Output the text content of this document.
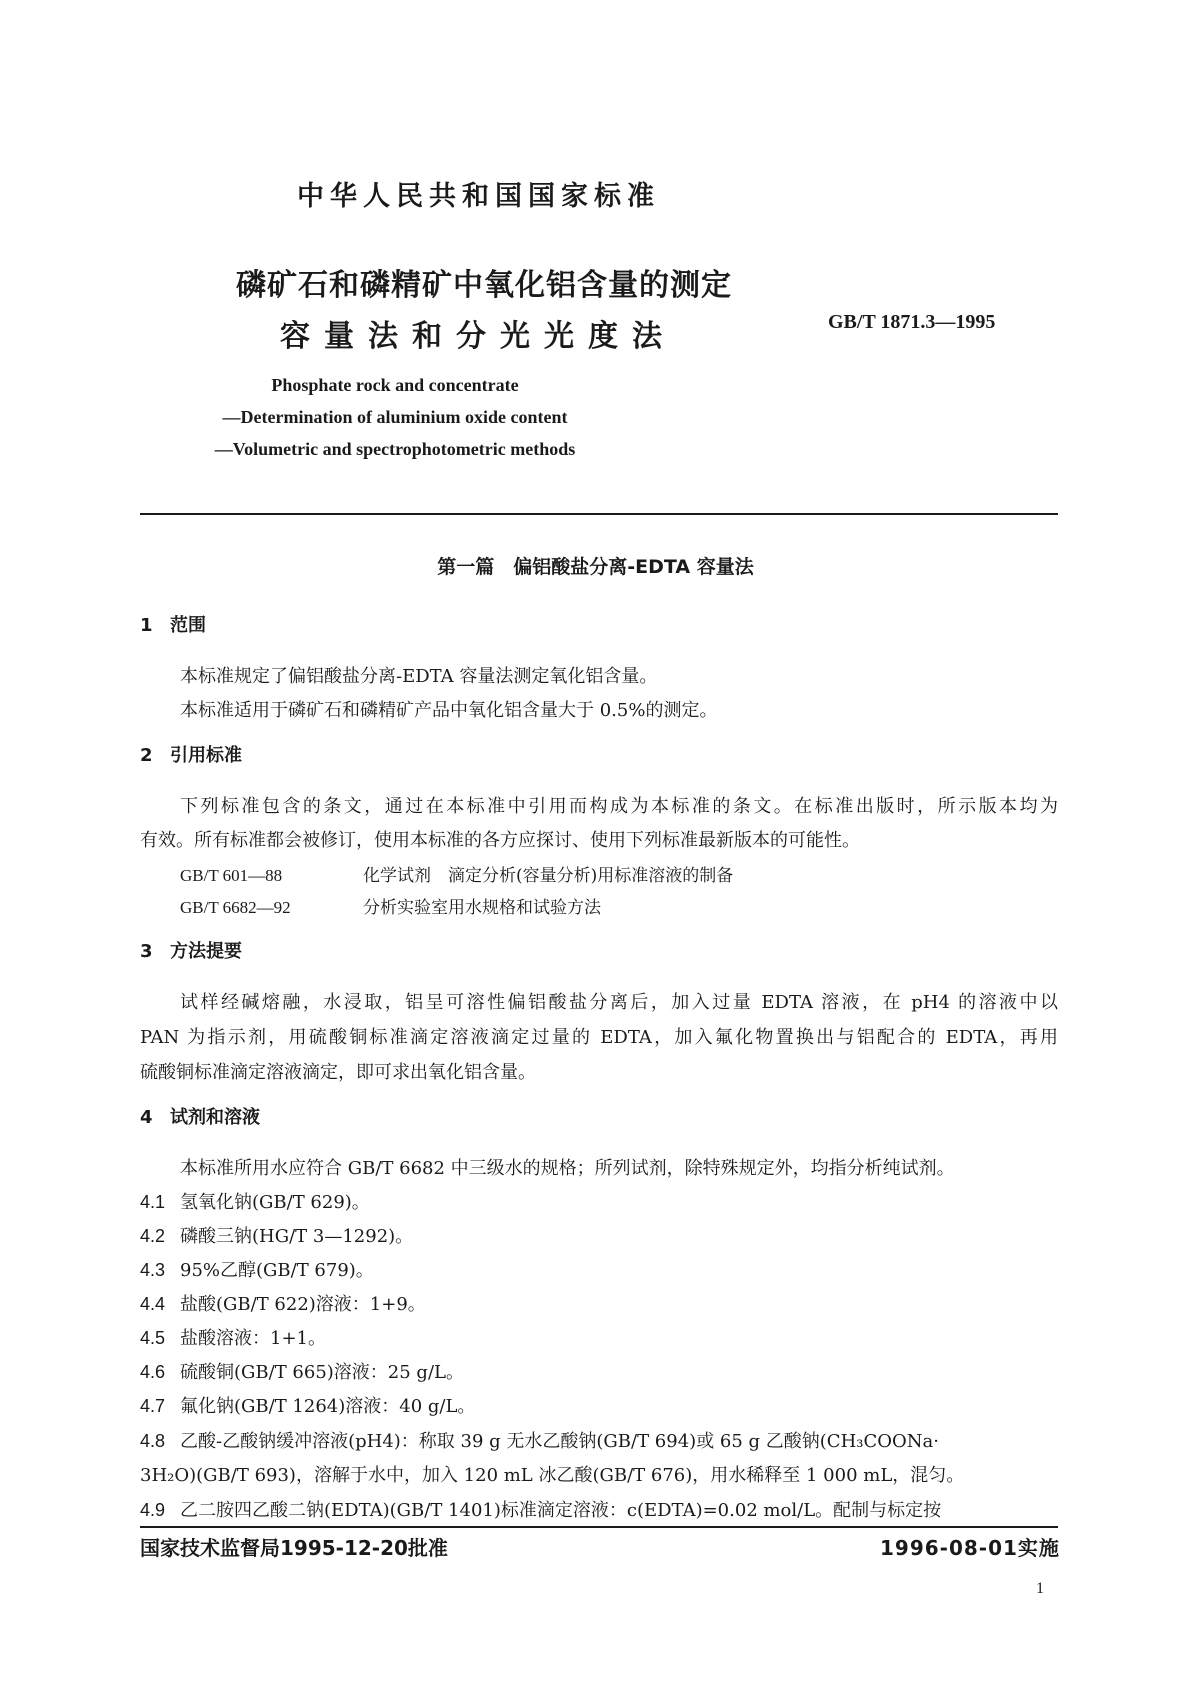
中华人民共和国国家标准
磷矿石和磷精矿中氧化铝含量的测定
容量法和分光光度法	GB/T 1871.3—1995
Phosphate rock and concentrate
—Determination of aluminium oxide content
—Volumetric and spectrophotometric methods
第一篇　偏铝酸盐分离-EDTA 容量法
1 范围
本标准规定了偏铝酸盐分离-EDTA 容量法测定氧化铝含量。
本标准适用于磷矿石和磷精矿产品中氧化铝含量大于 0.5%的测定。
2 引用标准
下列标准包含的条文，通过在本标准中引用而构成为本标准的条文。在标准出版时，所示版本均为
有效。所有标准都会被修订，使用本标准的各方应探讨、使用下列标准最新版本的可能性。
GB/T 601—88	化学试剂　滴定分析(容量分析)用标准溶液的制备
GB/T 6682—92	分析实验室用水规格和试验方法
3 方法提要
试样经碱熔融，水浸取，铝呈可溶性偏铝酸盐分离后，加入过量 EDTA 溶液，在 pH4 的溶液中以
PAN 为指示剂，用硫酸铜标准滴定溶液滴定过量的 EDTA，加入氟化物置换出与铝配合的 EDTA，再用
硫酸铜标准滴定溶液滴定，即可求出氧化铝含量。
4 试剂和溶液
本标准所用水应符合 GB/T 6682 中三级水的规格；所列试剂，除特殊规定外，均指分析纯试剂。
4.1 氢氧化钠(GB/T 629)。
4.2 磷酸三钠(HG/T 3—1292)。
4.3 95%乙醇(GB/T 679)。
4.4 盐酸(GB/T 622)溶液：1+9。
4.5 盐酸溶液：1+1。
4.6 硫酸铜(GB/T 665)溶液：25 g/L。
4.7 氟化钠(GB/T 1264)溶液：40 g/L。
4.8 乙酸-乙酸钠缓冲溶液(pH4)：称取 39 g 无水乙酸钠(GB/T 694)或 65 g 乙酸钠(CH₃COONa·
3H₂O)(GB/T 693)，溶解于水中，加入 120 mL 冰乙酸(GB/T 676)，用水稀释至 1 000 mL，混匀。
4.9 乙二胺四乙酸二钠(EDTA)(GB/T 1401)标准滴定溶液：c(EDTA)=0.02 mol/L。配制与标定按
国家技术监督局1995-12-20批准	1996-08-01实施
1
